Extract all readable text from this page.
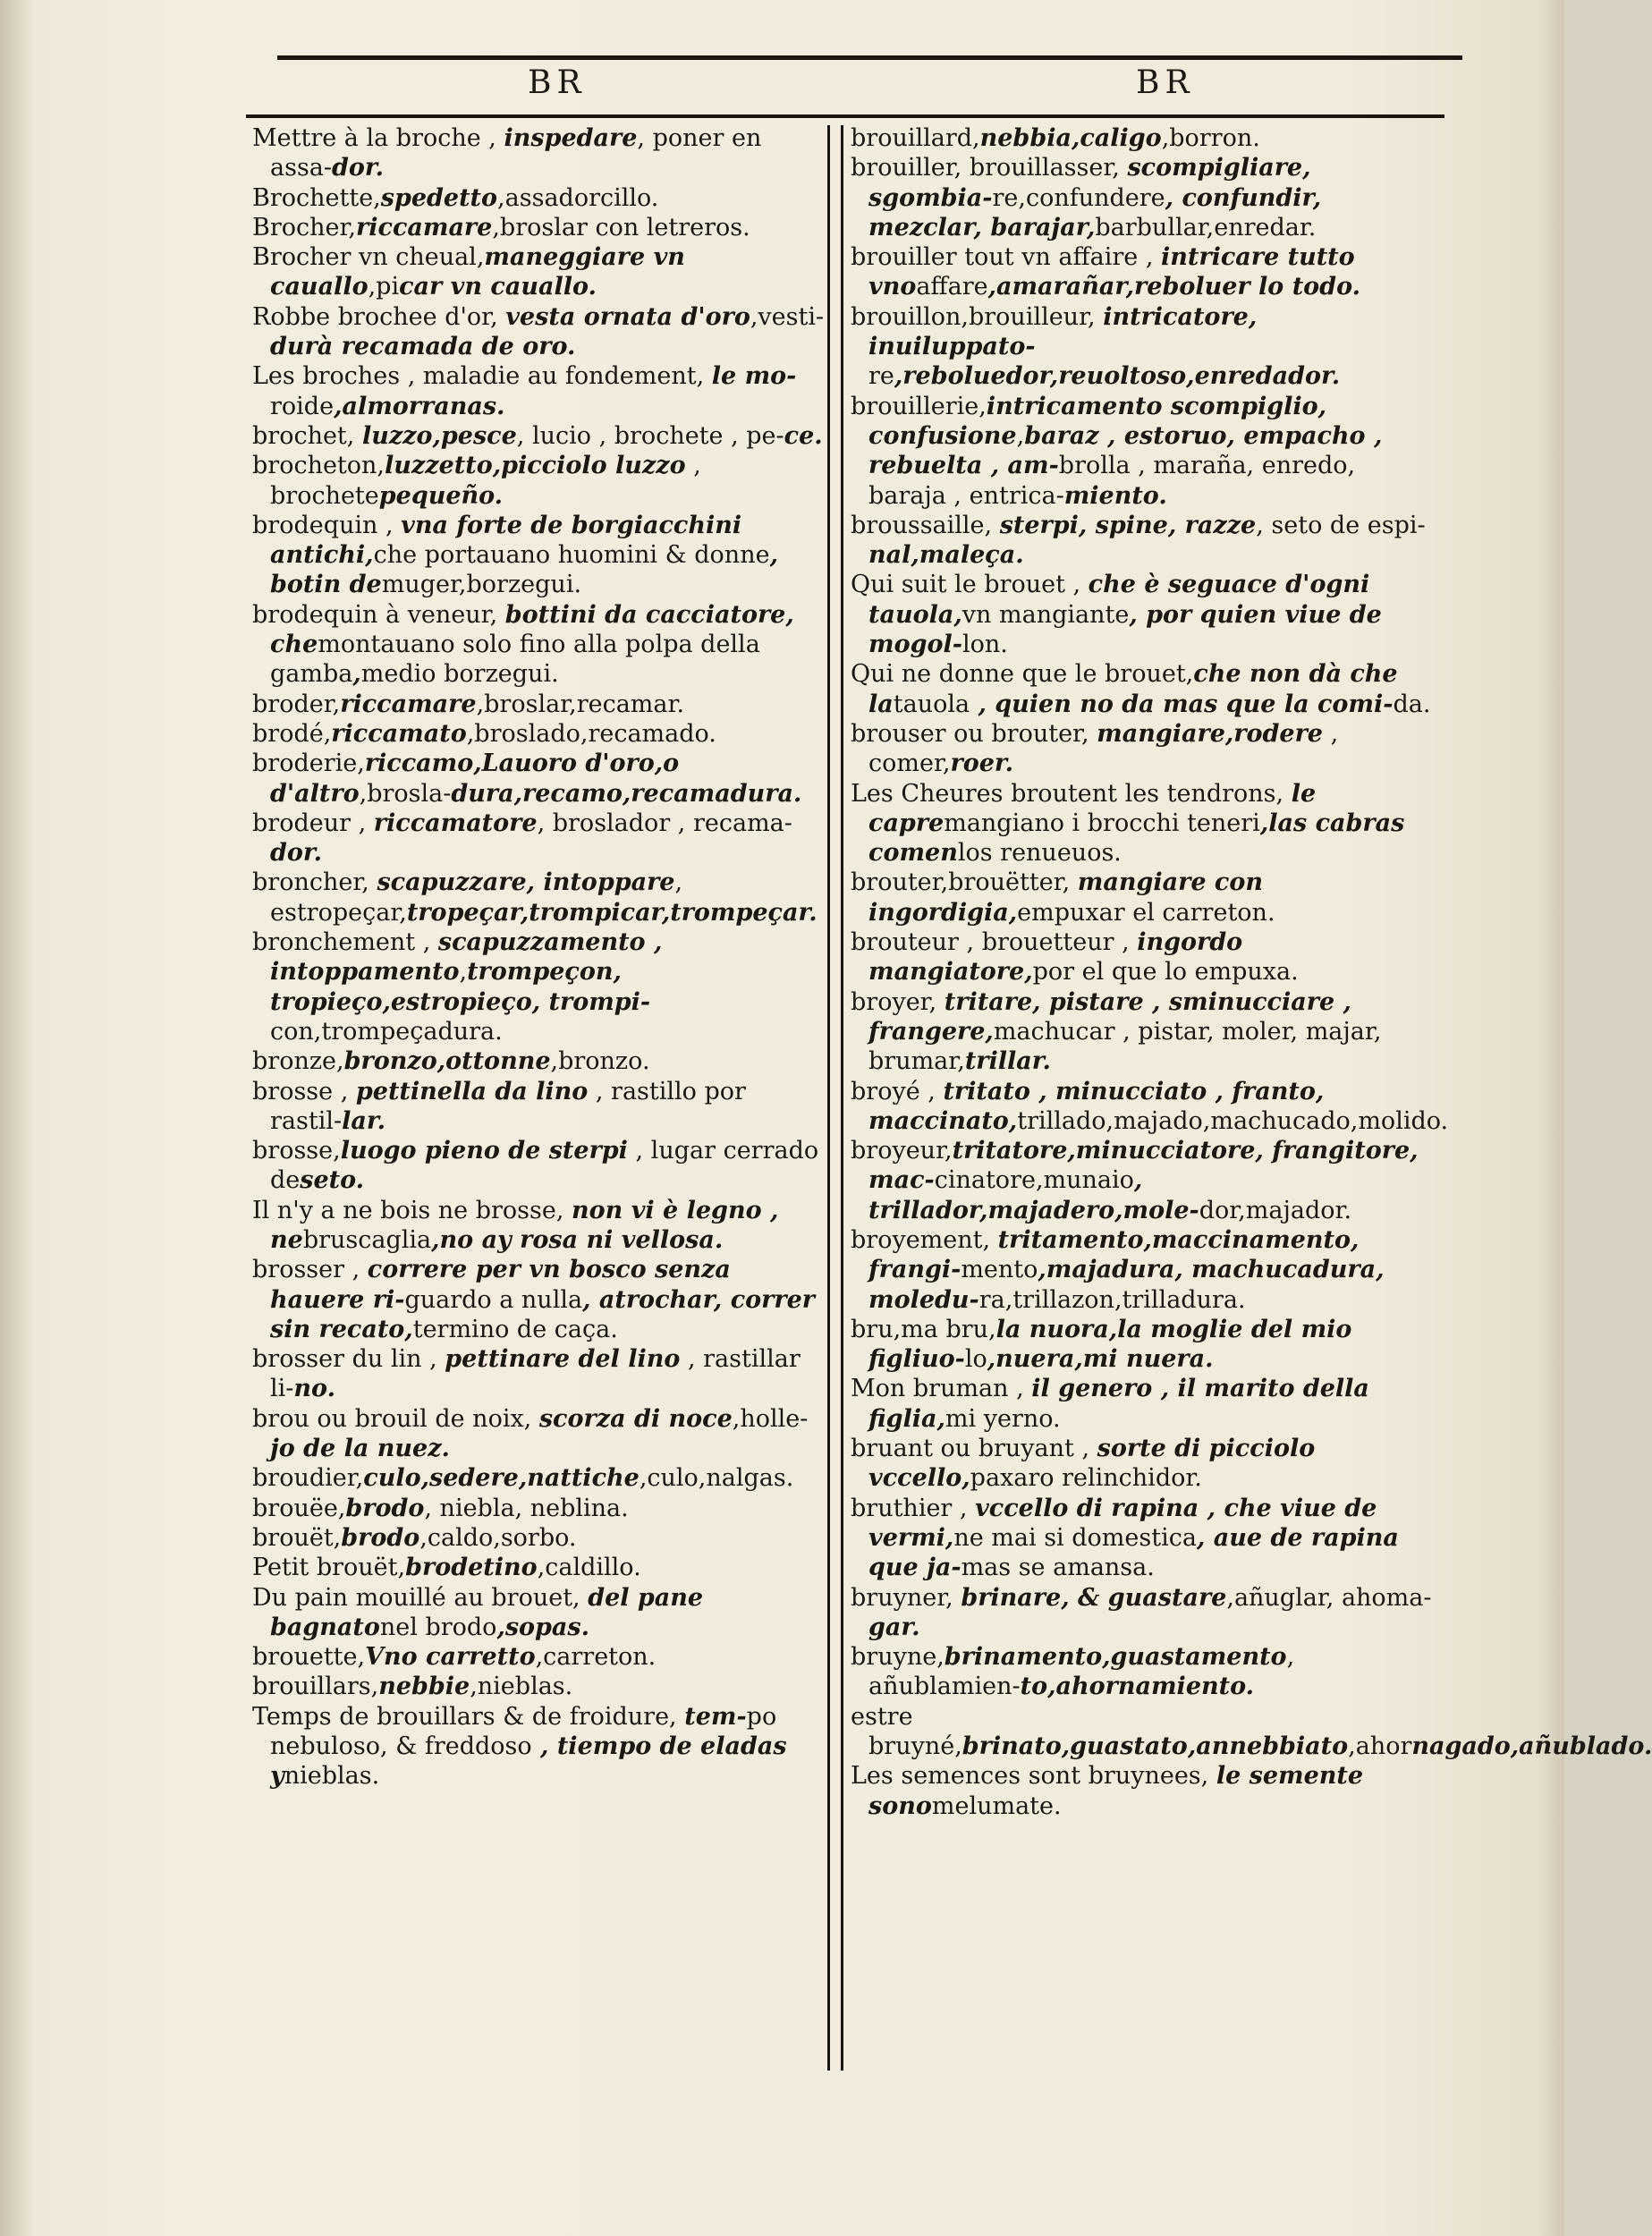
BR	BR
Mettre à la broche , inspedare, poner en assa-dor.
Brochette,spedetto,assadorcillo.
Brocher,riccamare,broslar con letreros.
Brocher vn cheual,maneggiare vn cauallo,picar vn cauallo.
Robbe brochee d'or, vesta ornata d'oro,vesti-durà recamada de oro.
Les broches , maladie au fondement, le mo-roide,almorranas.
brochet, luzzo,pesce, lucio , brochete , pe-ce.
brocheton,luzzetto,picciolo luzzo , brochetepequeño.
brodequin , vna forte de borgiacchini antichi,che portauano huomini & donne, botin demuger,borzegui.
brodequin à veneur, bottini da cacciatore, chemontauano solo fino alla polpa della gamba,medio borzegui.
broder,riccamare,broslar,recamar.
brodé,riccamato,broslado,recamado.
broderie,riccamo,Lauoro d'oro,o d'altro,brosla-dura,recamo,recamadura.
brodeur , riccamatore, broslador , recama-dor.
broncher, scapuzzare, intoppare, estropeçar,tropeçar,trompicar,trompeçar.
bronchement , scapuzzamento , intoppamento,trompeçon, tropieço,estropieço, trompi-con,trompeçadura.
bronze,bronzo,ottonne,bronzo.
brosse , pettinella da lino , rastillo por rastil-lar.
brosse,luogo pieno de sterpi , lugar cerrado deseto.
Il n'y a ne bois ne brosse, non vi è legno , nebruscaglia,no ay rosa ni vellosa.
brosser , correre per vn bosco senza hauere ri-guardo a nulla, atrochar, correr sin recato,termino de caça.
brosser du lin , pettinare del lino , rastillar li-no.
brou ou brouil de noix, scorza di noce,holle-jo de la nuez.
broudier,culo,sedere,nattiche,culo,nalgas.
brouëe,brodo, niebla, neblina.
brouët,brodo,caldo,sorbo.
Petit brouët,brodetino,caldillo.
Du pain mouillé au brouet, del pane bagnatonel brodo,sopas.
brouette,Vno carretto,carreton.
brouillars,nebbie,nieblas.
Temps de brouillars & de froidure, tem-po nebuloso, & freddoso , tiempo de eladas ynieblas.
brouillard,nebbia,caligo,borron.
brouiller, brouillasser, scompigliare, sgombia-re,confundere, confundir, mezclar, barajar,barbullar,enredar.
brouiller tout vn affaire , intricare tutto vnoaffare,amarañar,reboluer lo todo.
brouillon,brouilleur, intricatore, inuiluppato-re,reboluedor,reuoltoso,enredador.
brouillerie,intricamento scompiglio, confusione,baraz , estoruo, empacho , rebuelta , am-brolla , maraña, enredo, baraja , entrica-miento.
broussaille, sterpi, spine, razze, seto de espi-nal,maleça.
Qui suit le brouet , che è seguace d'ogni tauola,vn mangiante, por quien viue de mogol-lon.
Qui ne donne que le brouet,che non dà che latauola , quien no da mas que la comi-da.
brouser ou brouter, mangiare,rodere , comer,roer.
Les Cheures broutent les tendrons, le capremangiano i brocchi teneri,las cabras comenlos renueuos.
brouter,brouëtter, mangiare con ingordigia,empuxar el carreton.
brouteur , brouetteur , ingordo mangiatore,por el que lo empuxa.
broyer, tritare, pistare , sminucciare , frangere,machucar , pistar, moler, majar, brumar,trillar.
broyé , tritato , minucciato , franto, maccinato,trillado,majado,machucado,molido.
broyeur,tritatore,minucciatore, frangitore, mac-cinatore,munaio, trillador,majadero,mole-dor,majador.
broyement, tritamento,maccinamento, frangi-mento,majadura, machucadura, moledu-ra,trillazon,trilladura.
bru,ma bru,la nuora,la moglie del mio figliuo-lo,nuera,mi nuera.
Mon bruman , il genero , il marito della figlia,mi yerno.
bruant ou bruyant , sorte di picciolo vccello,paxaro relinchidor.
bruthier , vccello di rapina , che viue de vermi,ne mai si domestica, aue de rapina que ja-mas se amansa.
bruyner, brinare, & guastare,añuglar, ahoma-gar.
bruyne,brinamento,guastamento, añublamien-to,ahornamiento.
estre bruyné,brinato,guastato,annebbiato,ahornagado,añublado.
Les semences sont bruynees, le semente sonomelumate.
